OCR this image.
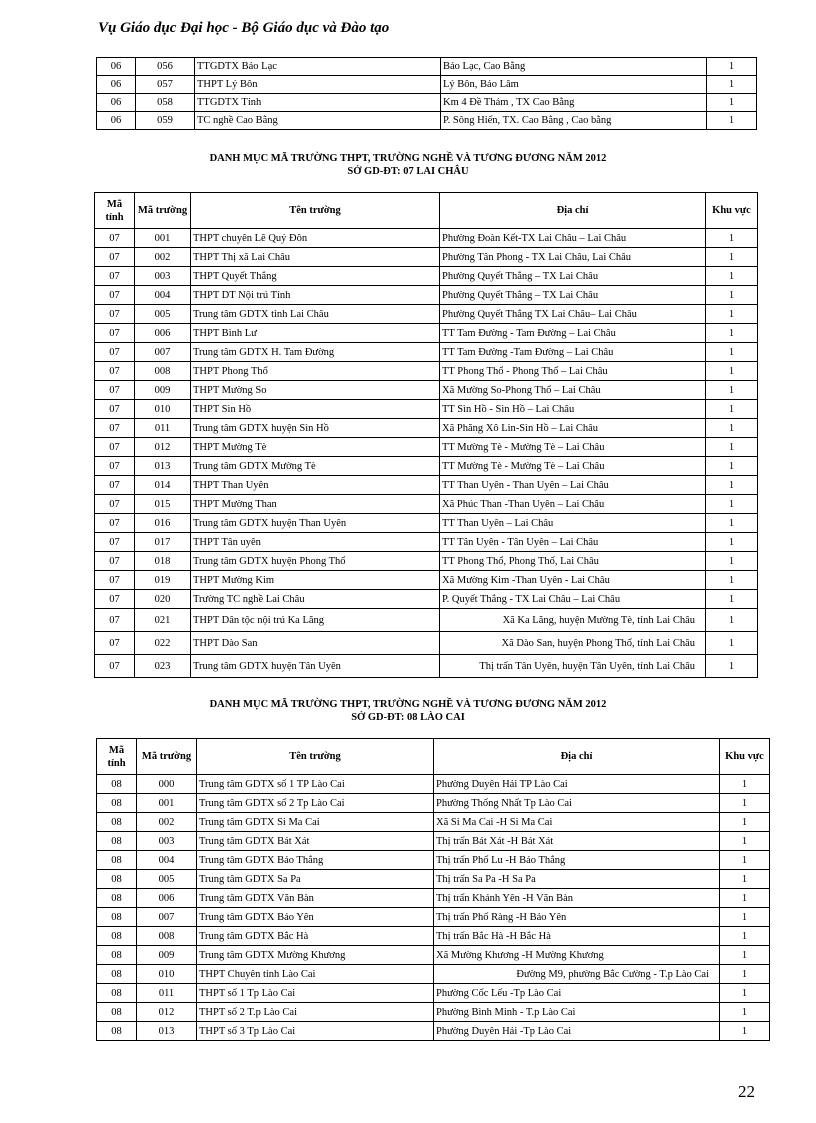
Vụ Giáo dục Đại học - Bộ Giáo dục và Đào tạo
06	056	TTGDTX Bảo Lạc	Bảo Lạc, Cao Bằng	1
06	057	THPT Lý Bôn	Lý Bôn, Bảo Lâm	1
06	058	TTGDTX Tỉnh	Km 4 Đề Thám , TX Cao Bằng	1
06	059	TC nghề Cao Bằng	P. Sông Hiến, TX. Cao Bằng , Cao bằng	1
DANH MỤC MÃ TRƯỜNG THPT, TRƯỜNG NGHỀ VÀ TƯƠNG ĐƯƠNG NĂM 2012
SỞ GD-ĐT: 07 LAI CHÂU
Mã tỉnh	Mã trường	Tên trường	Địa chỉ	Khu vực
07	001	THPT chuyên Lê Quý Đôn	Phường Đoàn Kết-TX Lai Châu – Lai Châu	1
07	002	THPT Thị xã Lai Châu	Phường Tân Phong - TX Lai Châu, Lai Châu	1
07	003	THPT Quyết Thắng	Phường Quyết Thắng – TX Lai Châu	1
07	004	THPT DT Nội trú Tỉnh	Phường Quyết Thắng – TX Lai Châu	1
07	005	Trung tâm GDTX tỉnh Lai Châu	Phường Quyết Thắng TX Lai Châu– Lai Châu	1
07	006	THPT Bình Lư	TT Tam Đường - Tam Đường – Lai Châu	1
07	007	Trung tâm GDTX H. Tam Đường	TT Tam Đường -Tam Đường – Lai Châu	1
07	008	THPT Phong Thổ	TT Phong Thổ - Phong Thổ – Lai Châu	1
07	009	THPT Mường So	Xã Mường So-Phong Thổ – Lai Châu	1
07	010	THPT Sìn Hồ	TT Sìn Hồ - Sìn Hồ – Lai Châu	1
07	011	Trung tâm GDTX huyện Sìn Hồ	Xã Phăng Xô Lin-Sìn Hồ – Lai Châu	1
07	012	THPT Mường Tè	TT Mường Tè - Mường Tè – Lai Châu	1
07	013	Trung tâm GDTX Mường Tè	TT Mường Tè - Mường Tè – Lai Châu	1
07	014	THPT Than Uyên	TT Than Uyên - Than Uyên – Lai Châu	1
07	015	THPT Mường Than	Xã Phúc Than -Than Uyên – Lai Châu	1
07	016	Trung tâm GDTX huyện Than Uyên	TT Than Uyên – Lai Châu	1
07	017	THPT Tân uyên	TT Tân Uyên - Tân Uyên – Lai Châu	1
07	018	Trung tâm GDTX huyện Phong Thổ	TT Phong Thổ, Phong Thổ, Lai Châu	1
07	019	THPT Mường Kim	Xã Mường Kim -Than Uyên - Lai Châu	1
07	020	Trường TC nghề Lai Châu	P. Quyết Thắng - TX Lai Châu – Lai Châu	1
07	021	THPT Dân tộc nội trú Ka Lăng	Xã Ka Lăng, huyện Mường Tè, tỉnh Lai Châu	1
07	022	THPT Dào San	Xã Dào San, huyện Phong Thổ, tỉnh Lai Châu	1
07	023	Trung tâm GDTX huyện Tân Uyên	Thị trấn Tân Uyên, huyện Tân Uyên, tỉnh Lai Châu	1
DANH MỤC MÃ TRƯỜNG THPT, TRƯỜNG NGHỀ VÀ TƯƠNG ĐƯƠNG NĂM 2012
SỞ GD-ĐT: 08 LÀO CAI
Mã tỉnh	Mã trường	Tên trường	Địa chỉ	Khu vực
08	000	Trung tâm GDTX số 1 TP Lào Cai	Phường Duyên Hải TP Lào Cai	1
08	001	Trung tâm GDTX số 2 Tp Lào Cai	Phường Thống Nhất Tp Lào Cai	1
08	002	Trung tâm GDTX Si Ma Cai	Xã Si Ma Cai -H Si Ma Cai	1
08	003	Trung tâm GDTX Bát Xát	Thị trấn Bát Xát -H Bát Xát	1
08	004	Trung tâm GDTX Bảo Thắng	Thị trấn Phố Lu -H Bảo Thắng	1
08	005	Trung tâm GDTX Sa Pa	Thị trấn Sa Pa -H Sa Pa	1
08	006	Trung tâm GDTX Văn Bàn	Thị trấn Khánh Yên -H Văn Bàn	1
08	007	Trung tâm GDTX Bảo Yên	Thị trấn Phố Ràng -H Bảo Yên	1
08	008	Trung tâm GDTX Bắc Hà	Thị trấn Bắc Hà -H Bắc Hà	1
08	009	Trung tâm GDTX Mường Khương	Xã Mường Khương -H Mường Khương	1
08	010	THPT Chuyên tỉnh Lào Cai	Đường M9, phường Bắc Cường - T.p Lào Cai	1
08	011	THPT số 1 Tp Lào Cai	Phường Cốc Lếu -Tp Lào Cai	1
08	012	THPT số 2 T.p Lào Cai	Phường Bình Minh - T.p Lào Cai	1
08	013	THPT số 3 Tp Lào Cai	Phường Duyên Hải -Tp Lào Cai	1
22
